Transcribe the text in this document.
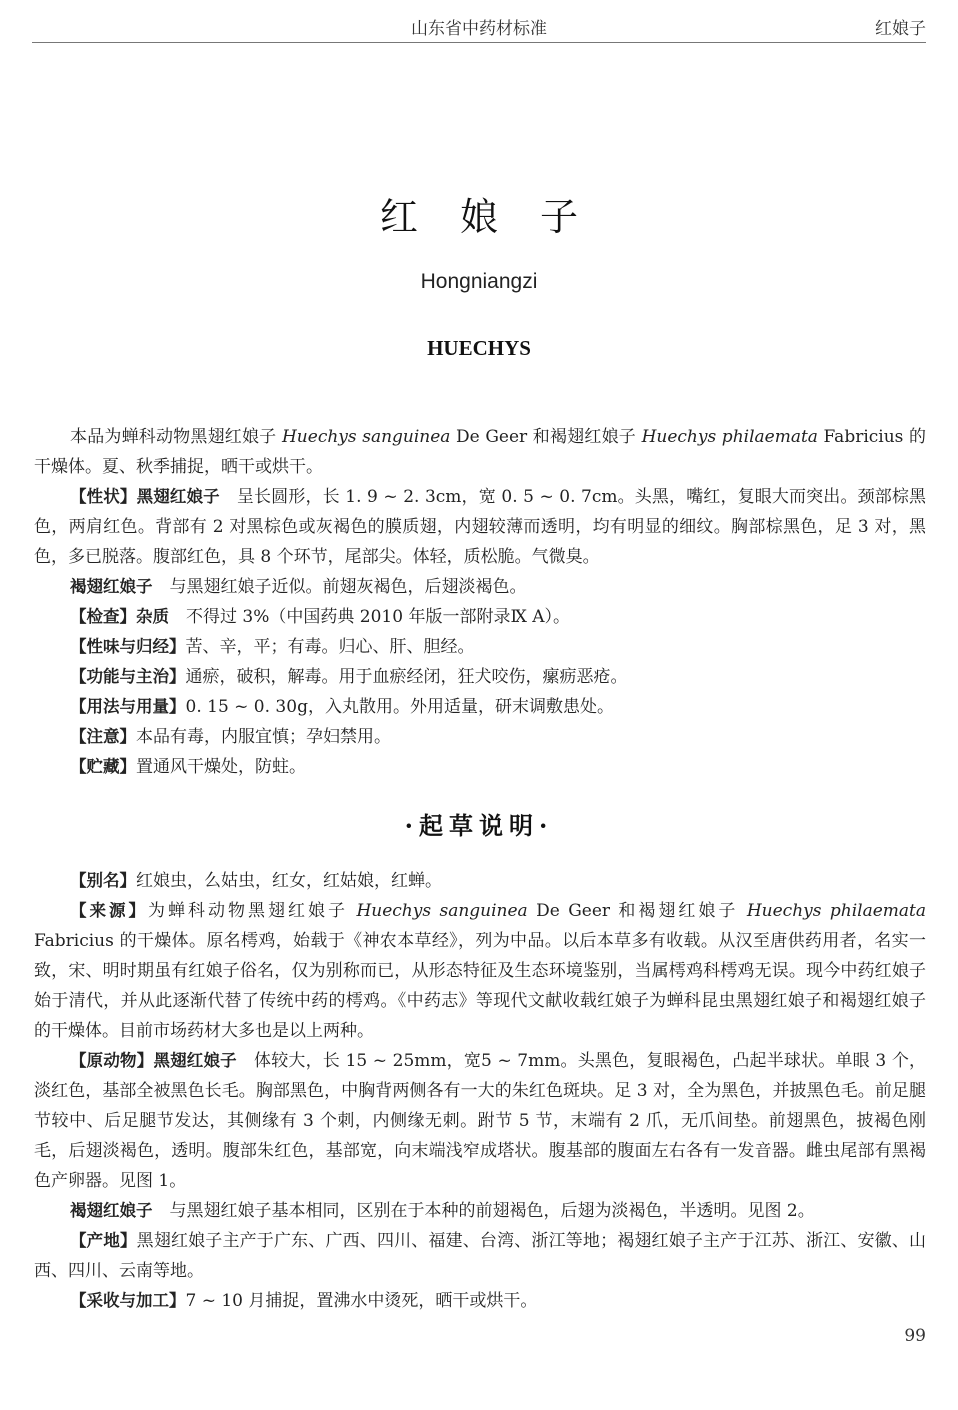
山东省中药材标准	红娘子
红娘子
Hongniangzi
HUECHYS

本品为蝉科动物黑翅红娘子 Huechys sanguinea De Geer 和褐翅红娘子 Huechys philaemata Fabricius 的干燥体。夏、秋季捕捉，晒干或烘干。

【性状】黑翅红娘子　呈长圆形，长 1. 9 ~ 2. 3cm，宽 0. 5 ~ 0. 7cm。头黑，嘴红，复眼大而突出。颈部棕黑色，两肩红色。背部有 2 对黑棕色或灰褐色的膜质翅，内翅较薄而透明，均有明显的细纹。胸部棕黑色，足 3 对，黑色，多已脱落。腹部红色，具 8 个环节，尾部尖。体轻，质松脆。气微臭。

褐翅红娘子　与黑翅红娘子近似。前翅灰褐色，后翅淡褐色。

【检查】杂质　不得过 3%（中国药典 2010 年版一部附录Ⅸ A）。

【性味与归经】苦、辛，平；有毒。归心、肝、胆经。

【功能与主治】通瘀，破积，解毒。用于血瘀经闭，狂犬咬伤，瘰疬恶疮。

【用法与用量】0. 15 ~ 0. 30g，入丸散用。外用适量，研末调敷患处。

【注意】本品有毒，内服宜慎；孕妇禁用。

【贮藏】置通风干燥处，防蛀。

·起草说明·

【别名】红娘虫，么姑虫，红女，红姑娘，红蝉。

【来源】为蝉科动物黑翅红娘子 Huechys sanguinea De Geer 和褐翅红娘子 Huechys philaemata Fabricius 的干燥体。原名樗鸡，始载于《神农本草经》，列为中品。以后本草多有收载。从汉至唐供药用者，名实一致，宋、明时期虽有红娘子俗名，仅为别称而已，从形态特征及生态环境鉴别，当属樗鸡科樗鸡无误。现今中药红娘子始于清代，并从此逐渐代替了传统中药的樗鸡。《中药志》等现代文献收载红娘子为蝉科昆虫黑翅红娘子和褐翅红娘子的干燥体。目前市场药材大多也是以上两种。

【原动物】黑翅红娘子　体较大，长 15 ~ 25mm，宽5 ~ 7mm。头黑色，复眼褐色，凸起半球状。单眼 3 个，淡红色，基部全被黑色长毛。胸部黑色，中胸背两侧各有一大的朱红色斑块。足 3 对，全为黑色，并披黑色毛。前足腿节较中、后足腿节发达，其侧缘有 3 个刺，内侧缘无刺。跗节 5 节，末端有 2 爪，无爪间垫。前翅黑色，披褐色刚毛，后翅淡褐色，透明。腹部朱红色，基部宽，向末端浅窄成塔状。腹基部的腹面左右各有一发音器。雌虫尾部有黑褐色产卵器。见图 1。

褐翅红娘子　与黑翅红娘子基本相同，区别在于本种的前翅褐色，后翅为淡褐色，半透明。见图 2。

【产地】黑翅红娘子主产于广东、广西、四川、福建、台湾、浙江等地；褐翅红娘子主产于江苏、浙江、安徽、山西、四川、云南等地。

【采收与加工】7 ~ 10 月捕捉，置沸水中烫死，晒干或烘干。

99
